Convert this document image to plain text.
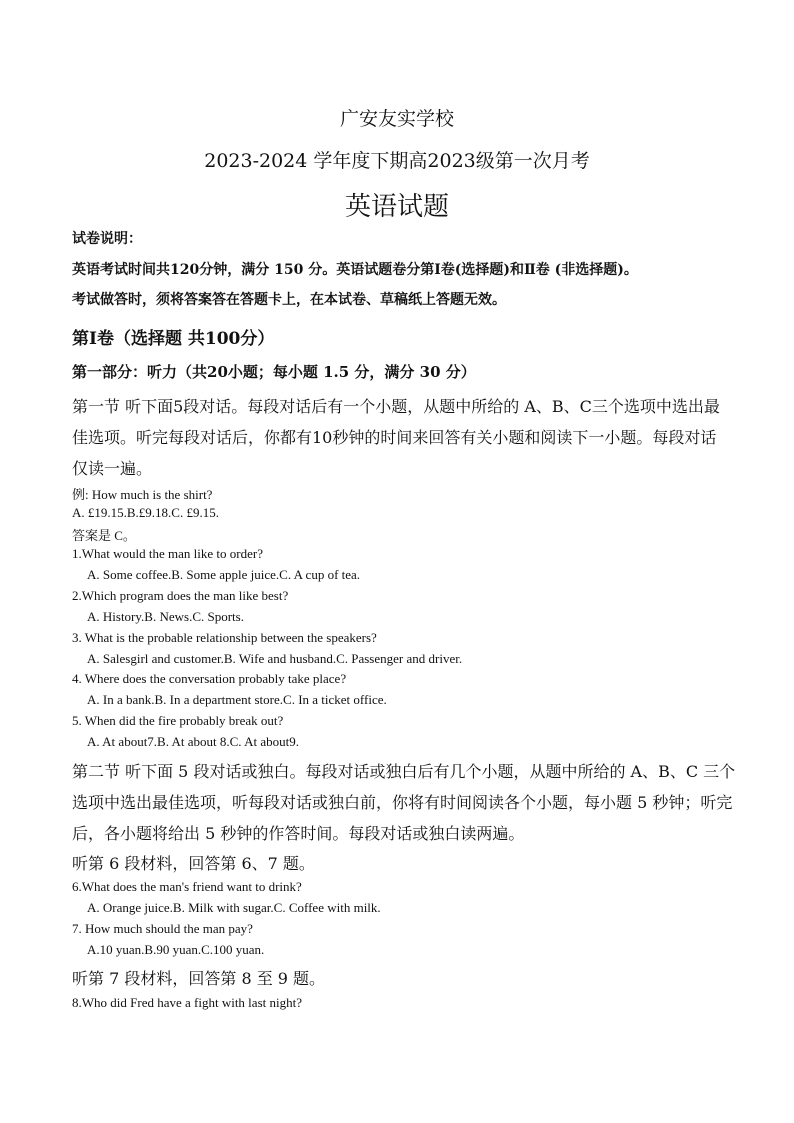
广安友实学校
2023-2024 学年度下期高2023级第一次月考
英语试题
试卷说明：
英语考试时间共120分钟，满分 150 分。英语试题卷分第Ⅰ卷(选择题)和Ⅱ卷 (非选择题)。
考试做答时，须将答案答在答题卡上，在本试卷、草稿纸上答题无效。
第Ⅰ卷（选择题 共100分）
第一部分：听力（共20小题；每小题 1.5 分，满分 30 分）
第一节 听下面5段对话。每段对话后有一个小题，从题中所给的 A、B、C三个选项中选出最
佳选项。听完每段对话后，你都有10秒钟的时间来回答有关小题和阅读下一小题。每段对话
仅读一遍。
例: How much is the shirt?
A. £19.15.B.£9.18.C. £9.15.
答案是 C。
1.What would the man like to order?
A. Some coffee.B. Some apple juice.C. A cup of tea.
2.Which program does the man like best?
A. History.B. News.C. Sports.
3. What is the probable relationship between the speakers?
A. Salesgirl and customer.B. Wife and husband.C. Passenger and driver.
4. Where does the conversation probably take place?
A. In a bank.B. In a department store.C. In a ticket office.
5. When did the fire probably break out?
A. At about7.B. At about 8.C. At about9.
第二节 听下面 5 段对话或独白。每段对话或独白后有几个小题，从题中所给的 A、B、C 三个
选项中选出最佳选项，听每段对话或独白前，你将有时间阅读各个小题，每小题 5 秒钟；听完
后，各小题将给出 5 秒钟的作答时间。每段对话或独白读两遍。
听第 6 段材料，回答第 6、7 题。
6.What does the man's friend want to drink?
A. Orange juice.B. Milk with sugar.C. Coffee with milk.
7. How much should the man pay?
A.10 yuan.B.90 yuan.C.100 yuan.
听第 7 段材料，回答第 8 至 9 题。
8.Who did Fred have a fight with last night?
